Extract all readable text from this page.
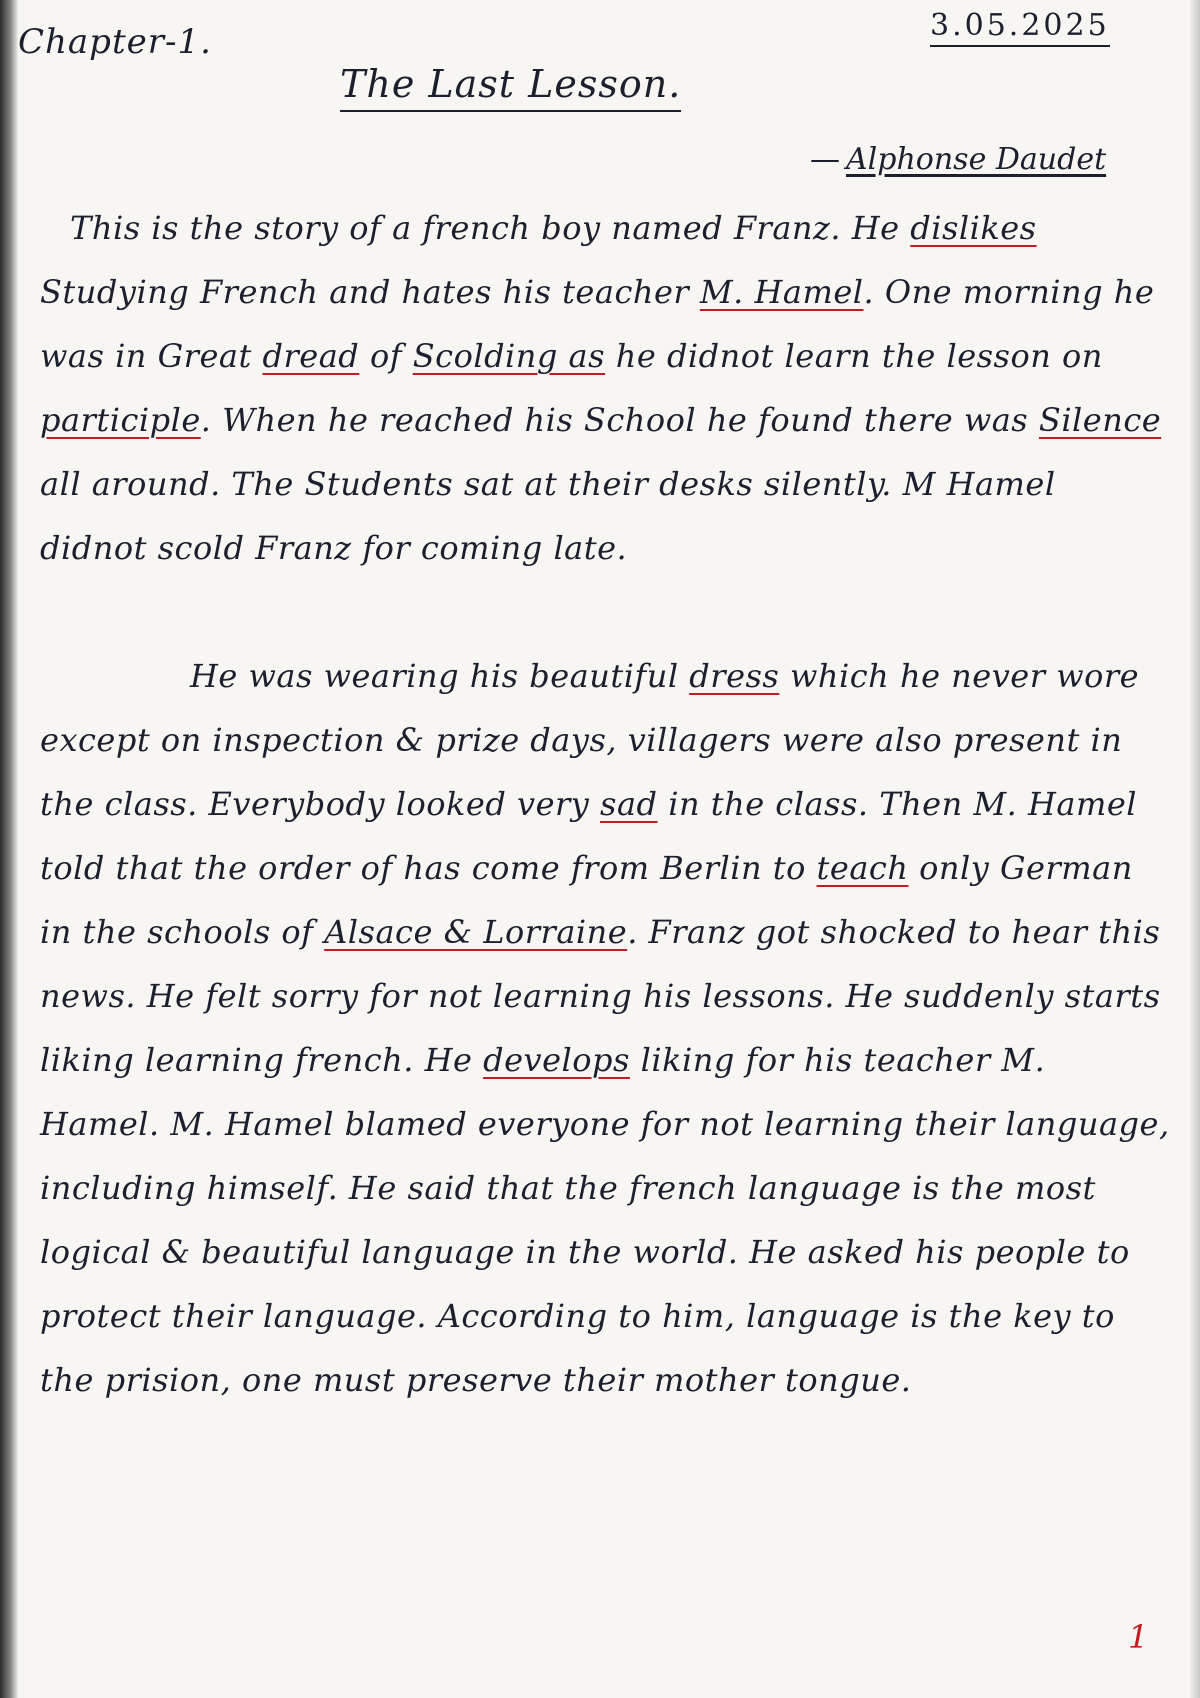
Chapter-1.	3.05.2025
The Last Lesson.
— Alphonse Daudet

This is the story of a french boy named Franz. He dislikes Studying French and hates his teacher M. Hamel. One morning he was in Great dread of Scolding as he didnot learn the lesson on participle. When he reached his School he found there was Silence all around. The Students sat at their desks silently. M Hamel didnot scold Franz for coming late.

He was wearing his beautiful dress which he never wore except on inspection & prize days, villagers were also present in the class. Everybody looked very sad in the class. Then M. Hamel told that the order of has come from Berlin to teach only German in the schools of Alsace & Lorraine. Franz got shocked to hear this news. He felt sorry for not learning his lessons. He suddenly starts liking learning french. He develops liking for his teacher M. Hamel. M. Hamel blamed everyone for not learning their language, including himself. He said that the french language is the most logical & beautiful language in the world. He asked his people to protect their language. According to him, language is the key to the prision, one must preserve their mother tongue.

1
